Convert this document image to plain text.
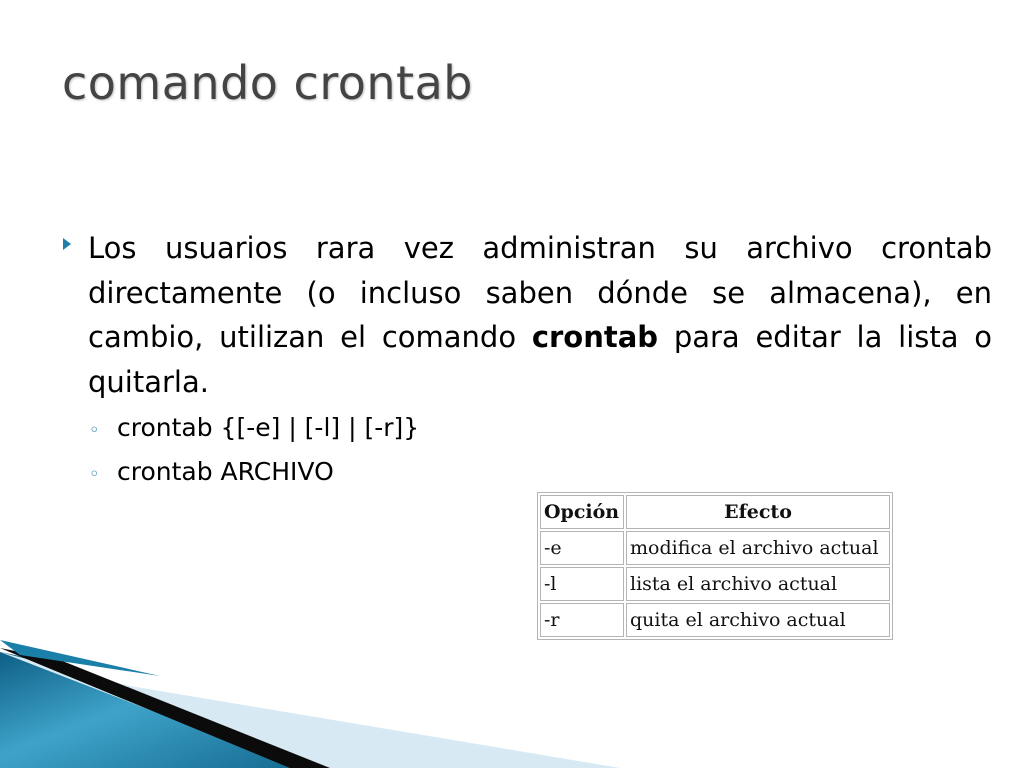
comando crontab

Los usuarios rara vez administran su archivo crontab directamente (o incluso saben dónde se almacena), en cambio, utilizan el comando crontab para editar la lista o quitarla.

◦ crontab {[-e] | [-l] | [-r]}
◦ crontab ARCHIVO
Opción	Efecto
-e	modifica el archivo actual
-l	lista el archivo actual
-r	quita el archivo actual
